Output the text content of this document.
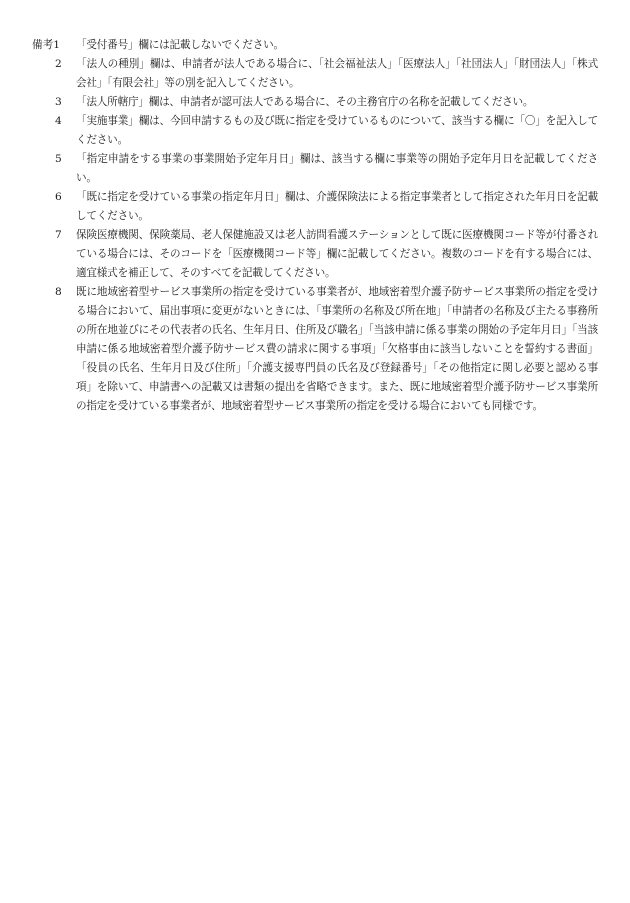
備考1	「受付番号」欄には記載しないでください。
2	「法人の種別」欄は、申請者が法人である場合に、「社会福祉法人」「医療法人」「社団法人」「財団法人」「株式会社」「有限会社」等の別を記入してください。
3	「法人所轄庁」欄は、申請者が認可法人である場合に、その主務官庁の名称を記載してください。
4	「実施事業」欄は、今回申請するもの及び既に指定を受けているものについて、該当する欄に「〇」を記入してください。
5	「指定申請をする事業の事業開始予定年月日」欄は、該当する欄に事業等の開始予定年月日を記載してください。
6	「既に指定を受けている事業の指定年月日」欄は、介護保険法による指定事業者として指定された年月日を記載してください。
7	保険医療機関、保険薬局、老人保健施設又は老人訪問看護ステーションとして既に医療機関コード等が付番されている場合には、そのコードを「医療機関コード等」欄に記載してください。複数のコードを有する場合には、適宜様式を補正して、そのすべてを記載してください。
8	既に地域密着型サービス事業所の指定を受けている事業者が、地域密着型介護予防サービス事業所の指定を受ける場合において、届出事項に変更がないときには、「事業所の名称及び所在地」「申請者の名称及び主たる事務所の所在地並びにその代表者の氏名、生年月日、住所及び職名」「当該申請に係る事業の開始の予定年月日」「当該申請に係る地域密着型介護予防サービス費の請求に関する事項」「欠格事由に該当しないことを誓約する書面」「役員の氏名、生年月日及び住所」「介護支援専門員の氏名及び登録番号」「その他指定に関し必要と認める事項」を除いて、申請書への記載又は書類の提出を省略できます。また、既に地域密着型介護予防サービス事業所の指定を受けている事業者が、地域密着型サービス事業所の指定を受ける場合においても同様です。
